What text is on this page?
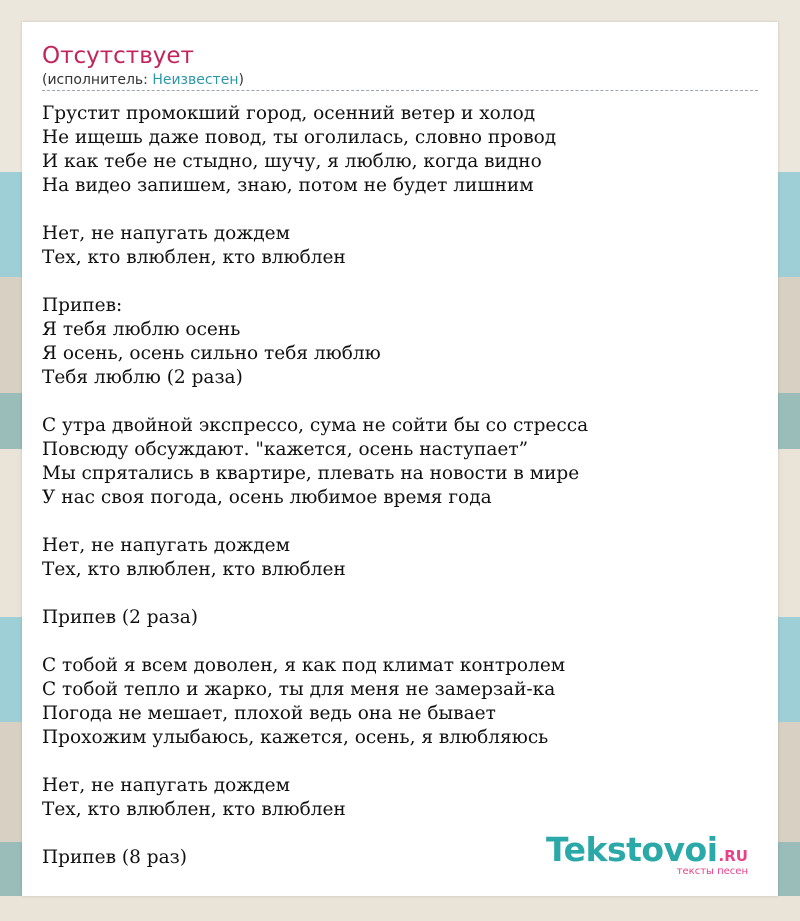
Отсутствует
(исполнитель: Неизвестен)
Грустит промокший город, осенний ветер и холод
Не ищешь даже повод, ты оголилась, словно провод
И как тебе не стыдно, шучу, я люблю, когда видно
На видео запишем, знаю, потом не будет лишним
Нет, не напугать дождем
Тех, кто влюблен, кто влюблен
Припев:
Я тебя люблю осень
Я осень, осень сильно тебя люблю
Тебя люблю (2 раза)
С утра двойной экспрессо, сума не сойти бы со стресса
Повсюду обсуждают. "кажется, осень наступает”
Мы спрятались в квартире, плевать на новости в мире
У нас своя погода, осень любимое время года
Нет, не напугать дождем
Тех, кто влюблен, кто влюблен
Припев (2 раза)
С тобой я всем доволен, я как под климат контролем
С тобой тепло и жарко, ты для меня не замерзай-ка
Погода не мешает, плохой ведь она не бывает
Прохожим улыбаюсь, кажется, осень, я влюбляюсь
Нет, не напугать дождем
Тех, кто влюблен, кто влюблен
Припев (8 раз)	Tekstovoi.RU
тексты песен
